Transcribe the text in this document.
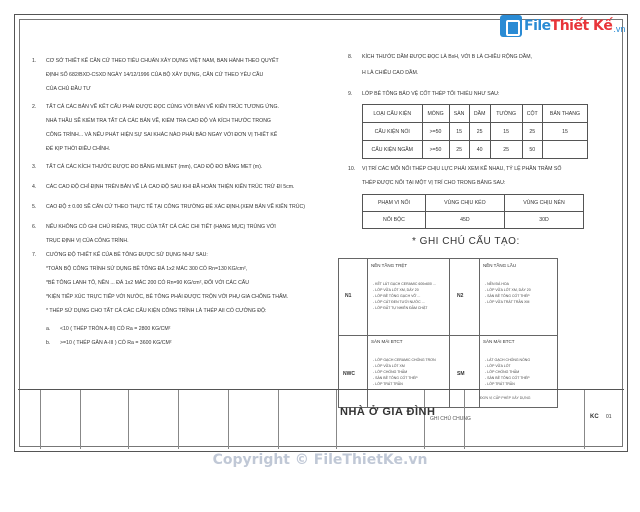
FileThiết Kế .vn
1. CƠ SỞ THIẾT KẾ CĂN CỨ THEO TIÊU CHUẨN XÂY DỰNG VIỆT NAM, BAN HÀNH THEO QUYẾT
ĐỊNH SỐ 682/BXD-CSXD NGÀY 14/12/1996 CỦA BỘ XÂY DỰNG, CĂN CỨ THEO YÊU CẦU
CỦA CHỦ ĐẦU TƯ
2. TẤT CẢ CÁC BẢN VẼ KẾT CẤU PHẢI ĐƯỢC ĐỌC CÙNG VỚI BẢN VẼ KIẾN TRÚC TƯƠNG ỨNG.
NHÀ THẦU SẼ KIỂM TRA TẤT CẢ CÁC BẢN VẼ, KIỂM TRA CAO ĐỘ VÀ KÍCH THƯỚC TRONG
CÔNG TRÌNH... VÀ NẾU PHÁT HIỆN SỰ SAI KHÁC NÀO PHẢI BÁO NGAY VỚI ĐƠN VỊ THIẾT KẾ
ĐỂ KỊP THỜI ĐIỀU CHỈNH.
3. TẤT CẢ CÁC KÍCH THƯỚC ĐƯỢC ĐO BẰNG MILIMET (mm), CAO ĐỘ ĐO BẰNG MET (m).
4. CÁC CAO ĐỘ CHỈ ĐỊNH TRÊN BẢN VẼ LÀ CAO ĐỘ SAU KHI ĐÃ HOÀN THIỆN KIẾN TRÚC TRỪ ĐI 5cm.
5. CAO ĐỘ ± 0.00 SẼ CĂN CỨ THEO THỰC TẾ TẠI CÔNG TRƯỜNG ĐỂ XÁC ĐỊNH.(XEM BẢN VẼ KIẾN TRÚC)
6. NẾU KHÔNG CÓ GHI CHÚ RIÊNG, TRỤC CỦA TẤT CẢ CÁC CHI TIẾT (HẠNG MỤC) TRÙNG VỚI
TRỤC ĐỊNH VỊ CỦA CÔNG TRÌNH.
7. CƯỜNG ĐỘ THIẾT KẾ CỦA BÊ TÔNG ĐƯỢC SỬ DỤNG NHƯ SAU:
*TOÀN BỘ CÔNG TRÌNH SỬ DỤNG BÊ TÔNG ĐÁ 1x2 MÁC 300 CÓ Rn=130 KG/cm²,
*BÊ TÔNG LANH TÔ, NỀN ... ĐÁ 1x2 MÁC 200 CÓ Rn=90 KG/cm², ĐỐI VỚI CÁC CẤU
*KIỆN TIẾP XÚC TRỰC TIẾP VỚI NƯỚC, BÊ TÔNG PHẢI ĐƯỢC TRỘN VỚI PHỤ GIA CHỐNG THẤM.
* THÉP SỬ DỤNG CHO TẤT CẢ CÁC CẤU KIỆN CÔNG TRÌNH LÀ THÉP AII CÓ CƯỜNG ĐỘ:
a. <10 ( THÉP TRÒN A-III) CÓ Ra = 2800 KG/CM²
b. >=10 ( THÉP GÂN A-III ) CÓ Ra = 3600 KG/CM²
8. KÍCH THƯỚC DẦM ĐƯỢC ĐỌC LÀ BxH, VỚI B LÀ CHIỀU RỘNG DẦM,
H LÀ CHIỀU CAO DẦM.
9. LỚP BÊ TÔNG BẢO VỆ CỐT THÉP TỐI THIỂU NHƯ SAU:
LOẠI CẤU KIỆN	MÓNG	SÀN	DẦM	TƯỜNG	CỘT	BẢN THANG
CẤU KIỆN NỔI	>=50	15	25	15	25	15
CẤU KIỆN NGẦM	>=50	25	40	25	50	
10. VỊ TRÍ CÁC MỐI NỐI THÉP CHỊU LỰC PHẢI XEM KẼ NHAU, TỶ LỆ PHẦN TRĂM SỐ
THÉP ĐƯỢC NỐI TẠI MỘT VỊ TRÍ CHO TRONG BẢNG SAU:
PHẠM VI NỐI	VÙNG CHỊU KÉO	VÙNG CHỊU NÉN
NỐI BỘC	45D	30D
* GHI CHÚ CẤU TẠO:
N1	N2
NWC	SM
NỀN TẦNG TRỆT	NỀN TẦNG LẦU
SÀN MÁI BTCT	SÀN MÁI BTCT
- KẾT LÁT GẠCH CERAMIC 600x600 ...
- LỚP VỮA LÓT XM, DÀY 20
- LỚP BÊ TÔNG GẠCH VỠ ...
- LỚP CÁT ĐEN TƯỚI NƯỚC ...
- LỚP ĐẤT TỰ NHIÊN ĐẦM CHẶT
- NỀN ĐÁ HOA
- LỚP VỮA LÓT XM, DÀY 20
- SÀN BÊ TÔNG CỐT THÉP
- LỚP VỮA TRÁT TRẦN XM
- LỚP GẠCH CERAMIC CHỐNG TRƠN
- LỚP VỮA LÓT XM
- LỚP CHỐNG THẤM
- SÀN BÊ TÔNG CỐT THÉP
- LỚP TRÁT TRẦN
- LÁT GẠCH CHỐNG NÓNG
- LỚP VỮA LÓT
- LỚP CHỐNG THẤM
- SÀN BÊ TÔNG CỐT THÉP
- LỚP TRÁT TRẦN
ĐƠN VỊ CẤP PHÉP XÂY DỰNG
GHI CHÚ CHUNG	KC 01
NHÀ Ở GIA ĐÌNH
Copyright © FileThietKe.vn
